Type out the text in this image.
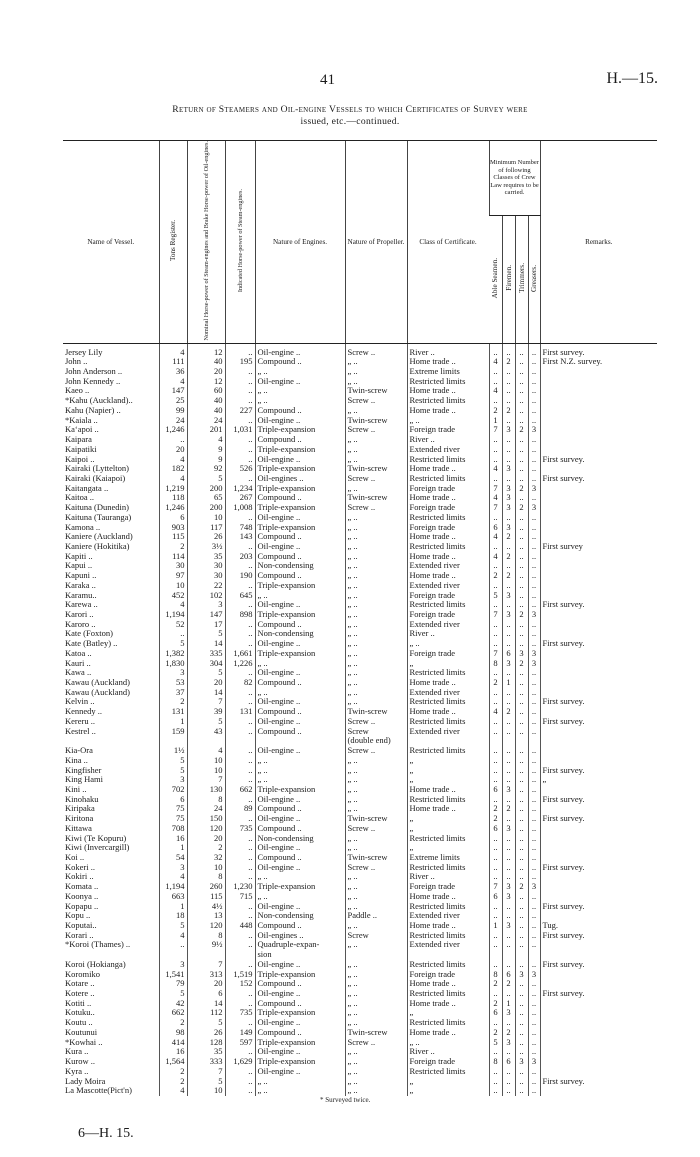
41	H.—15.
Return of Steamers and Oil-engine Vessels to which Certificates of Survey were
issued, etc.—continued.
Name of Vessel.	Tons Register.	Nominal Horse-power of Steam-engines and Brake Horse-power of Oil-engines.	Indicated Horse-power of Steam-engines.	Nature of Engines.	Nature of Propeller.	Class of Certificate.	Minimum Number of following Classes of Crew Law requires to be carried.				Remarks.
							Able Seamen.	Firemen.	Trimmers.	Greasers.	
Jersey Lily	4	12	..	Oil-engine ..	Screw ..	River ..	..	..	..	..	First survey.
John ..	111	40	195	Compound ..	„ ..	Home trade ..	4	2	..	..	First N.Z. survey.
John Anderson ..	36	20	..	„ ..	„ ..	Extreme limits	..	..	..	..	
John Kennedy ..	4	12	..	Oil-engine ..	„ ..	Restricted limits	..	..	..	..	
Kaeo ..	147	60	..	„ ..	Twin-screw	Home trade ..	4	..	..	..	
*Kahu (Auckland)..	25	40	..	„ ..	Screw ..	Restricted limits	..	..	..	..	
Kahu (Napier) ..	99	40	227	Compound ..	„ ..	Home trade ..	2	2	..	..	
*Kaiala ..	24	24	..	Oil-engine ..	Twin-screw	„ ..	1	..	..	..	
Kaʻapoi ..	1,246	201	1,031	Triple-expansion	Screw ..	Foreign trade	7	3	2	3	
Kaipara	..	4	..	Compound ..	„ ..	River ..	..	..	..	..	
Kaipatiki	20	9	..	Triple-expansion	„ ..	Extended river	..	..	..	..	
Kaipoi ..	4	9	..	Oil-engine ..	„ ..	Restricted limits	..	..	..	..	First survey.
Kairaki (Lyttelton)	182	92	526	Triple-expansion	Twin-screw	Home trade ..	4	3	..	..	
Kairaki (Kaiapoi)	4	5	..	Oil-engines ..	Screw ..	Restricted limits	..	..	..	..	First survey.
Kaitangata ..	1,219	200	1,234	Triple-expansion	„ ..	Foreign trade	7	3	2	3	
Kaitoa ..	118	65	267	Compound ..	Twin-screw	Home trade ..	4	3	..	..	
Kaituna (Dunedin)	1,246	200	1,008	Triple-expansion	Screw ..	Foreign trade	7	3	2	3	
Kaituna (Tauranga)	6	10	..	Oil-engine ..	„ ..	Restricted limits	..	..	..	..	
Kamona ..	903	117	748	Triple-expansion	„ ..	Foreign trade	6	3	..	..	
Kaniere (Auckland)	115	26	143	Compound ..	„ ..	Home trade ..	4	2	..	..	
Kaniere (Hokitika)	2	3½	..	Oil-engine ..	„ ..	Restricted limits	..	..	..	..	First survey
Kapiti ..	114	35	203	Compound ..	„ ..	Home trade ..	4	2	..	..	
Kapui ..	30	30	..	Non-condensing	„ ..	Extended river	..	..	..	..	
Kapuni ..	97	30	190	Compound ..	„ ..	Home trade ..	2	2	..	..	
Karaka ..	10	22	..	Triple-expansion	„ ..	Extended river	..	..	..	..	
Karamu..	452	102	645	„ ..	„ ..	Foreign trade	5	3	..	..	
Karewa ..	4	3	..	Oil-engine ..	„ ..	Restricted limits	..	..	..	..	First survey.
Karori ..	1,194	147	898	Triple-expansion	„ ..	Foreign trade	7	3	2	3	
Karoro ..	52	17	..	Compound ..	„ ..	Extended river	..	..	..	..	
Kate (Foxton)	..	5	..	Non-condensing	„ ..	River ..	..	..	..	..	
Kate (Batley) ..	5	14	..	Oil-engine ..	„ ..	„ ..	..	..	..	..	First survey.
Katoa ..	1,382	335	1,661	Triple-expansion	„ ..	Foreign trade	7	6	3	3	
Kauri ..	1,830	304	1,226	„ ..	„ ..	„	8	3	2	3	
Kawa ..	3	5	..	Oil-engine ..	„ ..	Restricted limits	..	..	..	..	
Kawau (Auckland)	53	20	82	Compound ..	„ ..	Home trade ..	2	1	..	..	
Kawau (Auckland)	37	14	..	„ ..	„ ..	Extended river	..	..	..	..	
Kelvin ..	2	7	..	Oil-engine ..	„ ..	Restricted limits	..	..	..	..	First survey.
Kennedy ..	131	39	131	Compound ..	Twin-screw	Home trade ..	4	2	..	..	
Kereru ..	1	5	..	Oil-engine ..	Screw ..	Restricted limits	..	..	..	..	First survey.
Kestrel ..	159	43	..	Compound ..	Screw	Extended river	..	..	..	..	
					(double end)						
Kia-Ora	1½	4	..	Oil-engine ..	Screw ..	Restricted limits	..	..	..	..	
Kina ..	5	10	..	„ ..	„ ..	„	..	..	..	..	
Kingfisher	5	10	..	„ ..	„ ..	„	..	..	..	..	First survey.
King Hami	3	7	..	„ ..	„ ..	„	..	..	..	..	„
Kini ..	702	130	662	Triple-expansion	„ ..	Home trade ..	6	3	..	..	
Kinohaku	6	8	..	Oil-engine ..	„ ..	Restricted limits	..	..	..	..	First survey.
Kiripaka	75	24	89	Compound ..	„ ..	Home trade ..	2	2	..	..	
Kiritona	75	150	..	Oil-engine ..	Twin-screw	„	2	..	..	..	First survey.
Kittawa	708	120	735	Compound ..	Screw ..	„	6	3	..	..	
Kiwi (Te Kopuru)	16	20	..	Non-condensing	„ ..	Restricted limits	..	..	..	..	
Kiwi (Invercargill)	1	2	..	Oil-engine ..	„ ..	„	..	..	..	..	
Koi ..	54	32	..	Compound ..	Twin-screw	Extreme limits	..	..	..	..	
Kokeri ..	3	10	..	Oil-engine ..	Screw ..	Restricted limits	..	..	..	..	First survey.
Kokiri ..	4	8	..	„ ..	„ ..	River ..	..	..	..	..	
Komata ..	1,194	260	1,230	Triple-expansion	„ ..	Foreign trade	7	3	2	3	
Koonya ..	663	115	715	„ ..	„ ..	Home trade ..	6	3	..	..	
Kopapu ..	1	4½	..	Oil-engine ..	„ ..	Restricted limits	..	..	..	..	First survey.
Kopu ..	18	13	..	Non-condensing	Paddle ..	Extended river	..	..	..	..	
Koputai..	5	120	448	Compound ..	„ ..	Home trade ..	1	3	..	..	Tug.
Korari ..	4	8	..	Oil-engines ..	Screw	Restricted limits	..	..	..	..	First survey.
*Koroi (Thames) ..	..	9½	..	Quadruple-expan-	„ ..	Extended river	..	..	..	..	
				sion							
Koroi (Hokianga)	3	7	..	Oil-engine ..	„ ..	Restricted limits	..	..	..	..	First survey.
Koromiko	1,541	313	1,519	Triple-expansion	„ ..	Foreign trade	8	6	3	3	
Kotare ..	79	20	152	Compound ..	„ ..	Home trade ..	2	2	..	..	
Kotere ..	5	6	..	Oil-engine ..	„ ..	Restricted limits	..	..	..	..	First survey.
Kotiti ..	42	14	..	Compound ..	„ ..	Home trade ..	2	1	..	..	
Kotuku..	662	112	735	Triple-expansion	„ ..	„	6	3	..	..	
Koutu ..	2	5	..	Oil-engine ..	„ ..	Restricted limits	..	..	..	..	
Koutunui	98	26	149	Compound ..	Twin-screw	Home trade ..	2	2	..	..	
*Kowhai ..	414	128	597	Triple-expansion	Screw ..	„ ..	5	3	..	..	
Kura ..	16	35	..	Oil-engine ..	„ ..	River ..	..	..	..	..	
Kurow ..	1,564	333	1,629	Triple-expansion	„ ..	Foreign trade	8	6	3	3	
Kyra ..	2	7	..	Oil-engine ..	„ ..	Restricted limits	..	..	..	..	
Lady Moira	2	5	..	„ ..	„ ..	„	..	..	..	..	First survey.
La Mascotte(Pict'n)	4	10	..	„ ..	„ ..	„	..	..	..	..	
* Surveyed twice.
6—H. 15.
